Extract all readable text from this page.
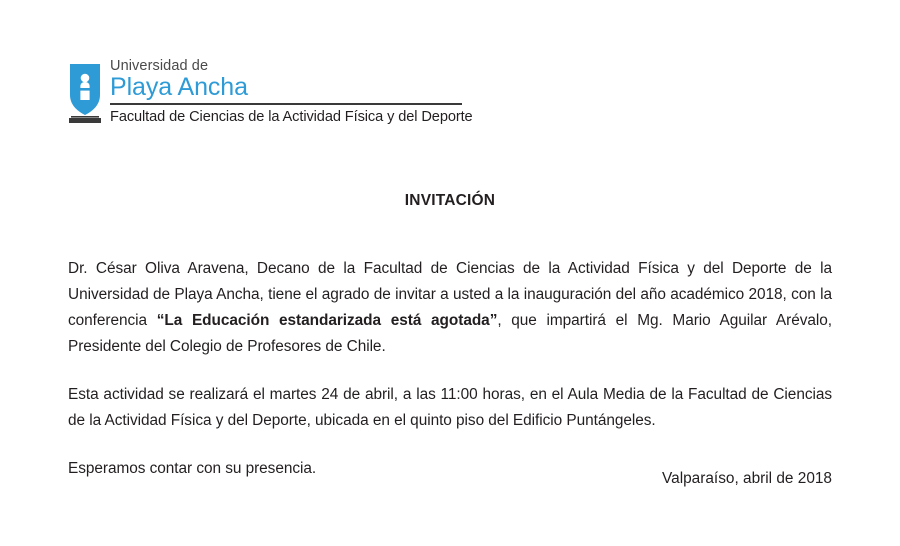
Universidad de
Playa Ancha
Facultad de Ciencias de la Actividad Física y del Deporte
INVITACIÓN

Dr. César Oliva Aravena, Decano de la Facultad de Ciencias de la Actividad Física y del Deporte de la Universidad de Playa Ancha, tiene el agrado de invitar a usted a la inauguración del año académico 2018, con la conferencia “La Educación estandarizada está agotada”, que impartirá el Mg. Mario Aguilar Arévalo, Presidente del Colegio de Profesores de Chile.

Esta actividad se realizará el martes 24 de abril, a las 11:00 horas, en el Aula Media de la Facultad de Ciencias de la Actividad Física y del Deporte, ubicada en el quinto piso del Edificio Puntángeles.

Esperamos contar con su presencia.

Valparaíso, abril de 2018
